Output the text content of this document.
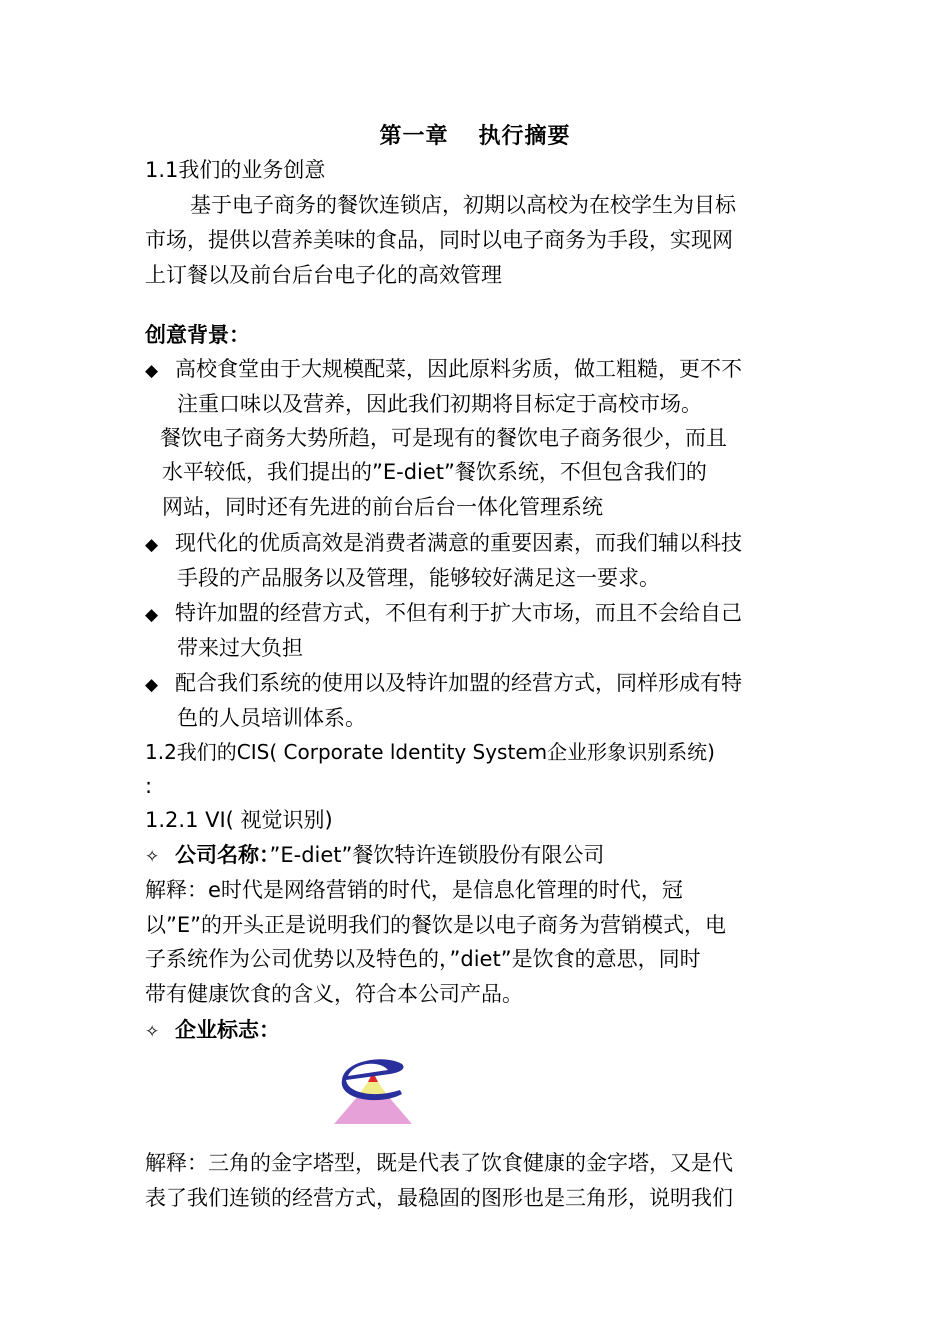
第一章 执行摘要
1.1我们的业务创意
基于电子商务的餐饮连锁店，初期以高校为在校学生为目标
市场，提供以营养美味的食品，同时以电子商务为手段，实现网
上订餐以及前台后台电子化的高效管理
创意背景：
◆ 高校食堂由于大规模配菜，因此原料劣质，做工粗糙，更不不
注重口味以及营养，因此我们初期将目标定于高校市场。
餐饮电子商务大势所趋，可是现有的餐饮电子商务很少，而且
水平较低，我们提出的”E-diet”餐饮系统，不但包含我们的
网站，同时还有先进的前台后台一体化管理系统
◆ 现代化的优质高效是消费者满意的重要因素，而我们辅以科技
手段的产品服务以及管理，能够较好满足这一要求。
◆ 特许加盟的经营方式，不但有利于扩大市场，而且不会给自己
带来过大负担
◆ 配合我们系统的使用以及特许加盟的经营方式，同样形成有特
色的人员培训体系。
1.2我们的CIS( Corporate ldentity System企业形象识别系统)
:
1.2.1 VI( 视觉识别)
✧ 公司名称：”E-diet”餐饮特许连锁股份有限公司
解释：e时代是网络营销的时代，是信息化管理的时代，冠
以”E”的开头正是说明我们的餐饮是以电子商务为营销模式，电
子系统作为公司优势以及特色的，”diet”是饮食的意思，同时
带有健康饮食的含义，符合本公司产品。
✧ 企业标志：
解释：三角的金字塔型，既是代表了饮食健康的金字塔，又是代
表了我们连锁的经营方式，最稳固的图形也是三角形，说明我们
